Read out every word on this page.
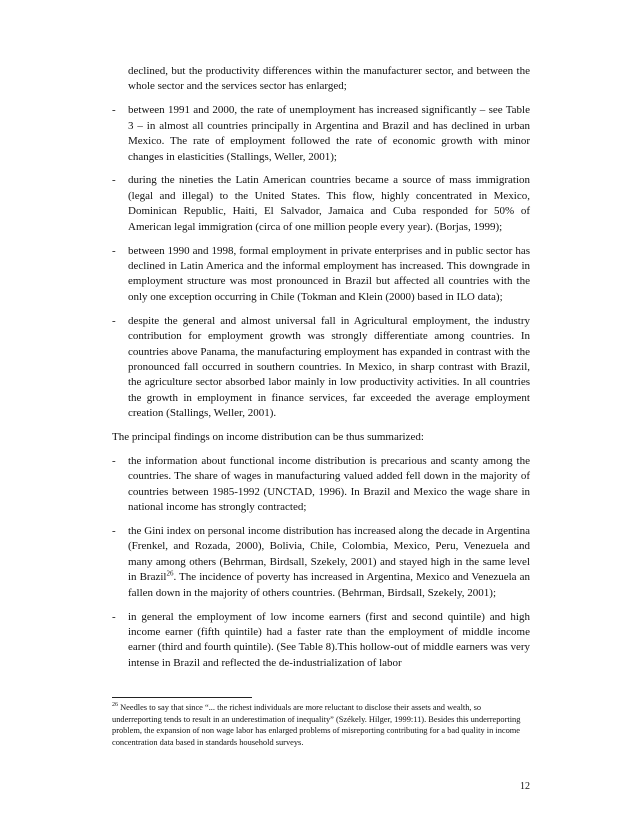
declined, but the productivity differences within the manufacturer sector, and between the whole sector and the services sector has enlarged;

- between 1991 and 2000, the rate of unemployment has increased significantly – see Table 3 – in almost all countries principally in Argentina and Brazil and has declined in urban Mexico. The rate of employment followed the rate of economic growth with minor changes in elasticities (Stallings, Weller, 2001);
- during the nineties the Latin American countries became a source of mass immigration (legal and illegal) to the United States. This flow, highly concentrated in Mexico, Dominican Republic, Haiti, El Salvador, Jamaica and Cuba responded for 50% of American legal immigration (circa of one million people every year). (Borjas, 1999);
- between 1990 and 1998, formal employment in private enterprises and in public sector has declined in Latin America and the informal employment has increased. This downgrade in employment structure was most pronounced in Brazil but affected all countries with the only one exception occurring in Chile (Tokman and Klein (2000) based in ILO data);
- despite the general and almost universal fall in Agricultural employment, the industry contribution for employment growth was strongly differentiate among countries. In countries above Panama, the manufacturing employment has expanded in contrast with the pronounced fall occurred in southern countries. In Mexico, in sharp contrast with Brazil, the agriculture sector absorbed labor mainly in low productivity activities. In all countries the growth in employment in finance services, far exceeded the average employment creation (Stallings, Weller, 2001).

The principal findings on income distribution can be thus summarized:

- the information about functional income distribution is precarious and scanty among the countries. The share of wages in manufacturing valued added fell down in the majority of countries between 1985-1992 (UNCTAD, 1996). In Brazil and Mexico the wage share in national income has strongly contracted;
- the Gini index on personal income distribution has increased along the decade in Argentina (Frenkel, and Rozada, 2000), Bolivia, Chile, Colombia, Mexico, Peru, Venezuela and many among others (Behrman, Birdsall, Szekely, 2001) and stayed high in the same level in Brazil$^{26}$. The incidence of poverty has increased in Argentina, Mexico and Venezuela an fallen down in the majority of others countries. (Behrman, Birdsall, Szekely, 2001);
- in general the employment of low income earners (first and second quintile) and high income earner (fifth quintile) had a faster rate than the employment of middle income earner (third and fourth quintile). (See Table 8).This hollow-out of middle earners was very intense in Brazil and reflected the de-industrialization of labor
$^{26}$ Needles to say that since “... the richest individuals are more reluctant to disclose their assets and wealth, so underreporting tends to result in an underestimation of inequality” (Székely. Hilger, 1999:11). Besides this underreporting problem, the expansion of non wage labor has enlarged problems of misreporting contributing for a bad quality in income concentration data based in standards household surveys.
12
